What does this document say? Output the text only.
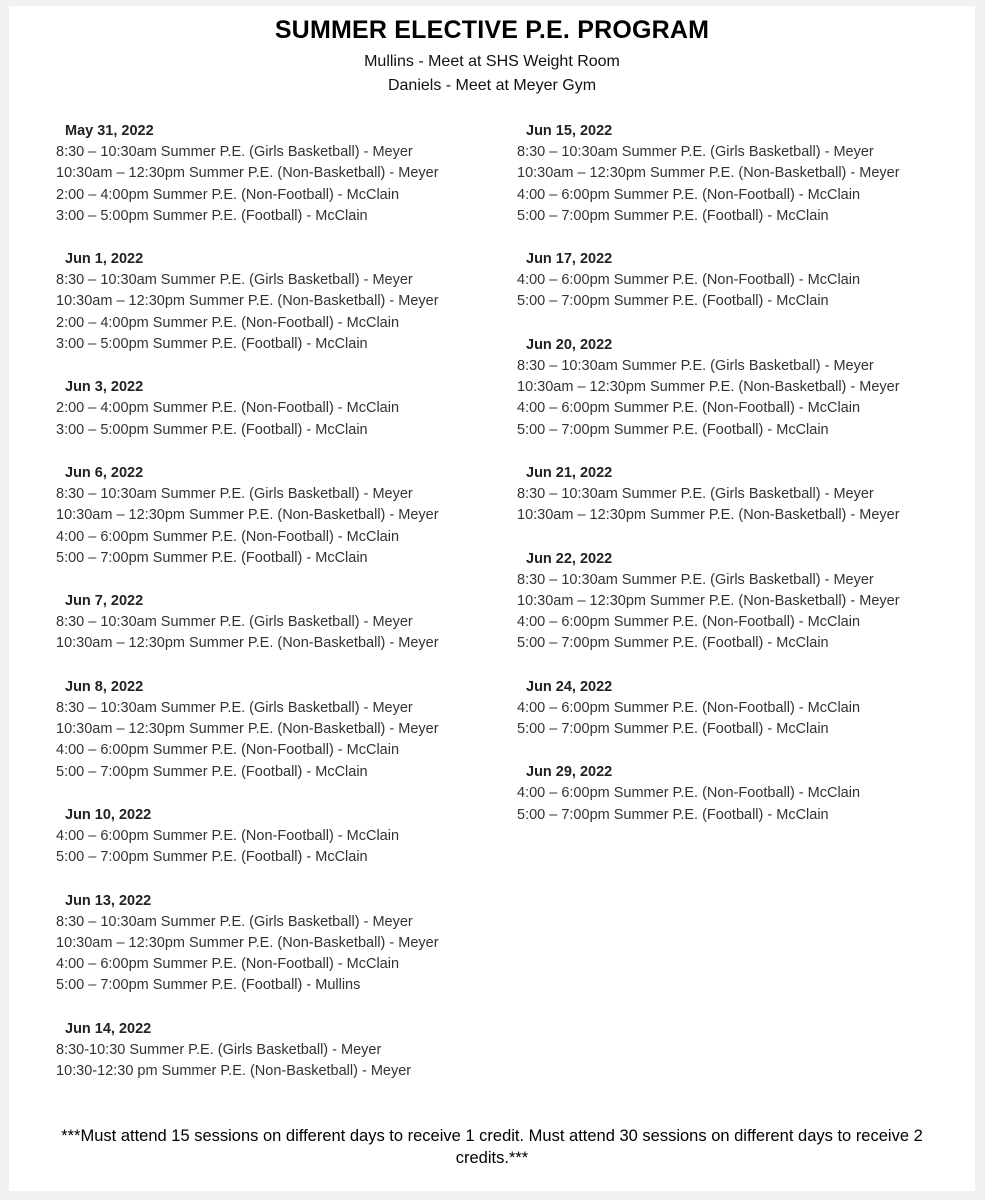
SUMMER ELECTIVE P.E. PROGRAM
Mullins - Meet at SHS Weight Room
Daniels - Meet at Meyer Gym
May 31, 2022
8:30 – 10:30am Summer P.E. (Girls Basketball) - Meyer
10:30am – 12:30pm Summer P.E. (Non-Basketball) - Meyer
2:00 – 4:00pm Summer P.E. (Non-Football) - McClain
3:00 – 5:00pm Summer P.E. (Football) - McClain
Jun 1, 2022
8:30 – 10:30am Summer P.E. (Girls Basketball) - Meyer
10:30am – 12:30pm Summer P.E. (Non-Basketball) - Meyer
2:00 – 4:00pm Summer P.E. (Non-Football) - McClain
3:00 – 5:00pm Summer P.E. (Football) - McClain
Jun 3, 2022
2:00 – 4:00pm Summer P.E. (Non-Football) - McClain
3:00 – 5:00pm Summer P.E. (Football) - McClain
Jun 6, 2022
8:30 – 10:30am Summer P.E. (Girls Basketball) - Meyer
10:30am – 12:30pm Summer P.E. (Non-Basketball) - Meyer
4:00 – 6:00pm Summer P.E. (Non-Football) - McClain
5:00 – 7:00pm Summer P.E. (Football) - McClain
Jun 7, 2022
8:30 – 10:30am Summer P.E. (Girls Basketball) - Meyer
10:30am – 12:30pm Summer P.E. (Non-Basketball) - Meyer
Jun 8, 2022
8:30 – 10:30am Summer P.E. (Girls Basketball) - Meyer
10:30am – 12:30pm Summer P.E. (Non-Basketball) - Meyer
4:00 – 6:00pm Summer P.E. (Non-Football) - McClain
5:00 – 7:00pm Summer P.E. (Football) - McClain
Jun 10, 2022
4:00 – 6:00pm Summer P.E. (Non-Football) - McClain
5:00 – 7:00pm Summer P.E. (Football) - McClain
Jun 13, 2022
8:30 – 10:30am Summer P.E. (Girls Basketball) - Meyer
10:30am – 12:30pm Summer P.E. (Non-Basketball) - Meyer
4:00 – 6:00pm Summer P.E. (Non-Football) - McClain
5:00 – 7:00pm Summer P.E. (Football) - Mullins
Jun 14, 2022
8:30-10:30 Summer P.E. (Girls Basketball) - Meyer
10:30-12:30 pm Summer P.E. (Non-Basketball) - Meyer
Jun 15, 2022
8:30 – 10:30am Summer P.E. (Girls Basketball) - Meyer
10:30am – 12:30pm Summer P.E. (Non-Basketball) - Meyer
4:00 – 6:00pm Summer P.E. (Non-Football) - McClain
5:00 – 7:00pm Summer P.E. (Football) - McClain
Jun 17, 2022
4:00 – 6:00pm Summer P.E. (Non-Football) - McClain
5:00 – 7:00pm Summer P.E. (Football) - McClain
Jun 20, 2022
8:30 – 10:30am Summer P.E. (Girls Basketball) - Meyer
10:30am – 12:30pm Summer P.E. (Non-Basketball) - Meyer
4:00 – 6:00pm Summer P.E. (Non-Football) - McClain
5:00 – 7:00pm Summer P.E. (Football) - McClain
Jun 21, 2022
8:30 – 10:30am Summer P.E. (Girls Basketball) - Meyer
10:30am – 12:30pm Summer P.E. (Non-Basketball) - Meyer
Jun 22, 2022
8:30 – 10:30am Summer P.E. (Girls Basketball) - Meyer
10:30am – 12:30pm Summer P.E. (Non-Basketball) - Meyer
4:00 – 6:00pm Summer P.E. (Non-Football) - McClain
5:00 – 7:00pm Summer P.E. (Football) - McClain
Jun 24, 2022
4:00 – 6:00pm Summer P.E. (Non-Football) - McClain
5:00 – 7:00pm Summer P.E. (Football) - McClain
Jun 29, 2022
4:00 – 6:00pm Summer P.E. (Non-Football) - McClain
5:00 – 7:00pm Summer P.E. (Football) - McClain
***Must attend 15 sessions on different days to receive 1 credit. Must attend 30 sessions on different days to receive 2 credits.***
